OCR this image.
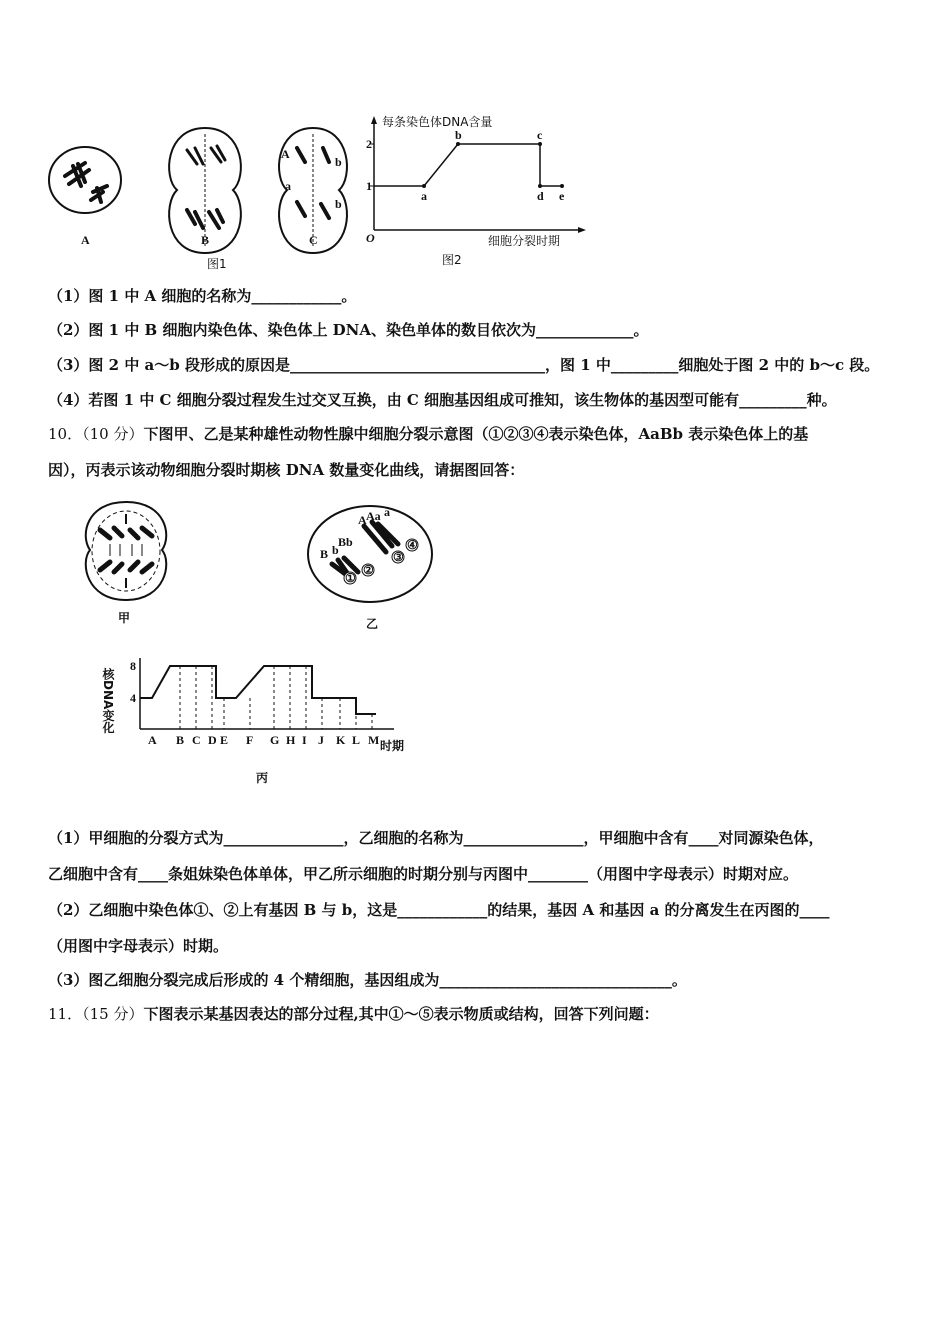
A	B
A
a
b
b
C
图1
每条染色体DNA含量
细胞分裂时期
O
1
2
a
b	c
d e
图2
（1）图 1 中 A 细胞的名称为____________。
（2）图 1 中 B 细胞内染色体、染色体上 DNA、染色单体的数目依次为_____________。
（3）图 2 中 a～b 段形成的原因是__________________________________，图 1 中_________细胞处于图 2 中的 b～c 段。
（4）若图 1 中 C 细胞分裂过程发生过交叉互换，由 C 细胞基因组成可推知，该生物体的基因型可能有_________种。
10．（10 分）下图甲、乙是某种雄性动物性腺中细胞分裂示意图（①②③④表示染色体，AaBb 表示染色体上的基
因），丙表示该动物细胞分裂时期核 DNA 数量变化曲线，请据图回答：
甲
B b
Bb
A Aa a
①
②
③
④
乙
核DNA变化
时期
4
8
A B C D E F G H I J K L M
丙
（1）甲细胞的分裂方式为________________，乙细胞的名称为________________，甲细胞中含有____对同源染色体，
乙细胞中含有____条姐妹染色体单体，甲乙所示细胞的时期分别与丙图中________（用图中字母表示）时期对应。
（2）乙细胞中染色体①、②上有基因 B 与 b，这是____________的结果，基因 A 和基因 a 的分离发生在丙图的____
（用图中字母表示）时期。
（3）图乙细胞分裂完成后形成的 4 个精细胞，基因组成为_______________________________。
11．（15 分）下图表示某基因表达的部分过程,其中①～⑤表示物质或结构，回答下列问题：
